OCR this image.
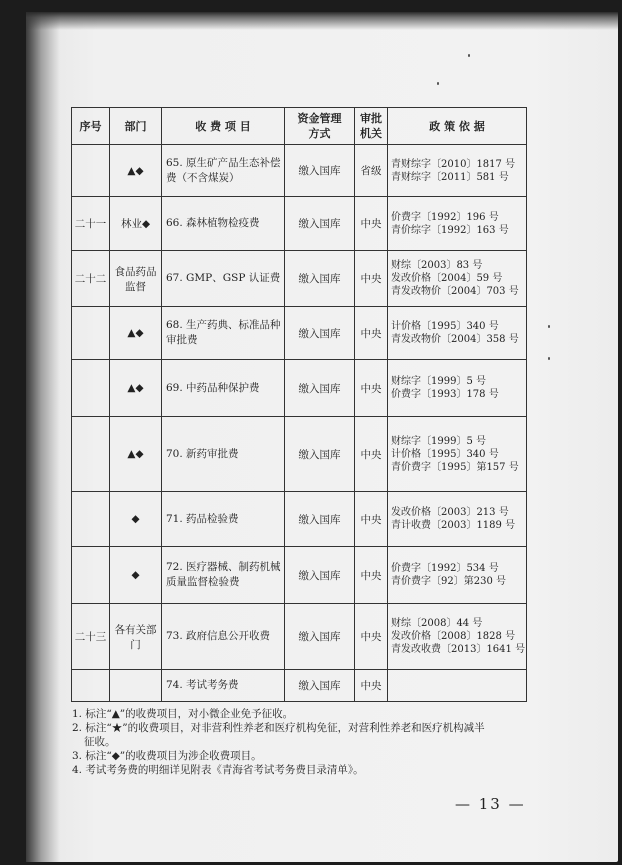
序号	部门	收 费 项 目	资金管理方式	审批机关	政 策 依 据
	▲◆	65. 原生矿产品生态补偿费（不含煤炭）	缴入国库	省级	青财综字〔2010〕1817 号
青财综字〔2011〕581 号

二十一	林业◆	66. 森林植物检疫费	缴入国库	中央	价费字〔1992〕196 号
青价综字〔1992〕163 号

二十二	食品药品监督	67. GMP、GSP 认证费	缴入国库	中央	财综〔2003〕83 号
发改价格〔2004〕59 号
青发改物价〔2004〕703 号

	▲◆	68. 生产药典、标准品种审批费	缴入国库	中央	计价格〔1995〕340 号
青发改物价〔2004〕358 号

	▲◆	69. 中药品种保护费	缴入国库	中央	财综字〔1999〕5 号
价费字〔1993〕178 号

	▲◆	70. 新药审批费	缴入国库	中央	财综字〔1999〕5 号
计价格〔1995〕340 号
青价费字〔1995〕第157 号

	◆	71. 药品检验费	缴入国库	中央	发改价格〔2003〕213 号
青计收费〔2003〕1189 号

	◆	72. 医疗器械、制药机械质量监督检验费	缴入国库	中央	价费字〔1992〕534 号
青价费字〔92〕第230 号

二十三	各有关部门	73. 政府信息公开收费	缴入国库	中央	财综〔2008〕44 号
发改价格〔2008〕1828 号
青发改收费〔2013〕1641 号

		74. 考试考务费	缴入国库	中央	
1. 标注“▲”的收费项目，对小微企业免予征收。
2. 标注“★”的收费项目，对非营利性养老和医疗机构免征，对营利性养老和医疗机构减半
征收。
3. 标注“◆”的收费项目为涉企收费项目。
4. 考试考务费的明细详见附表《青海省考试考务费目录清单》。
— 13 —
